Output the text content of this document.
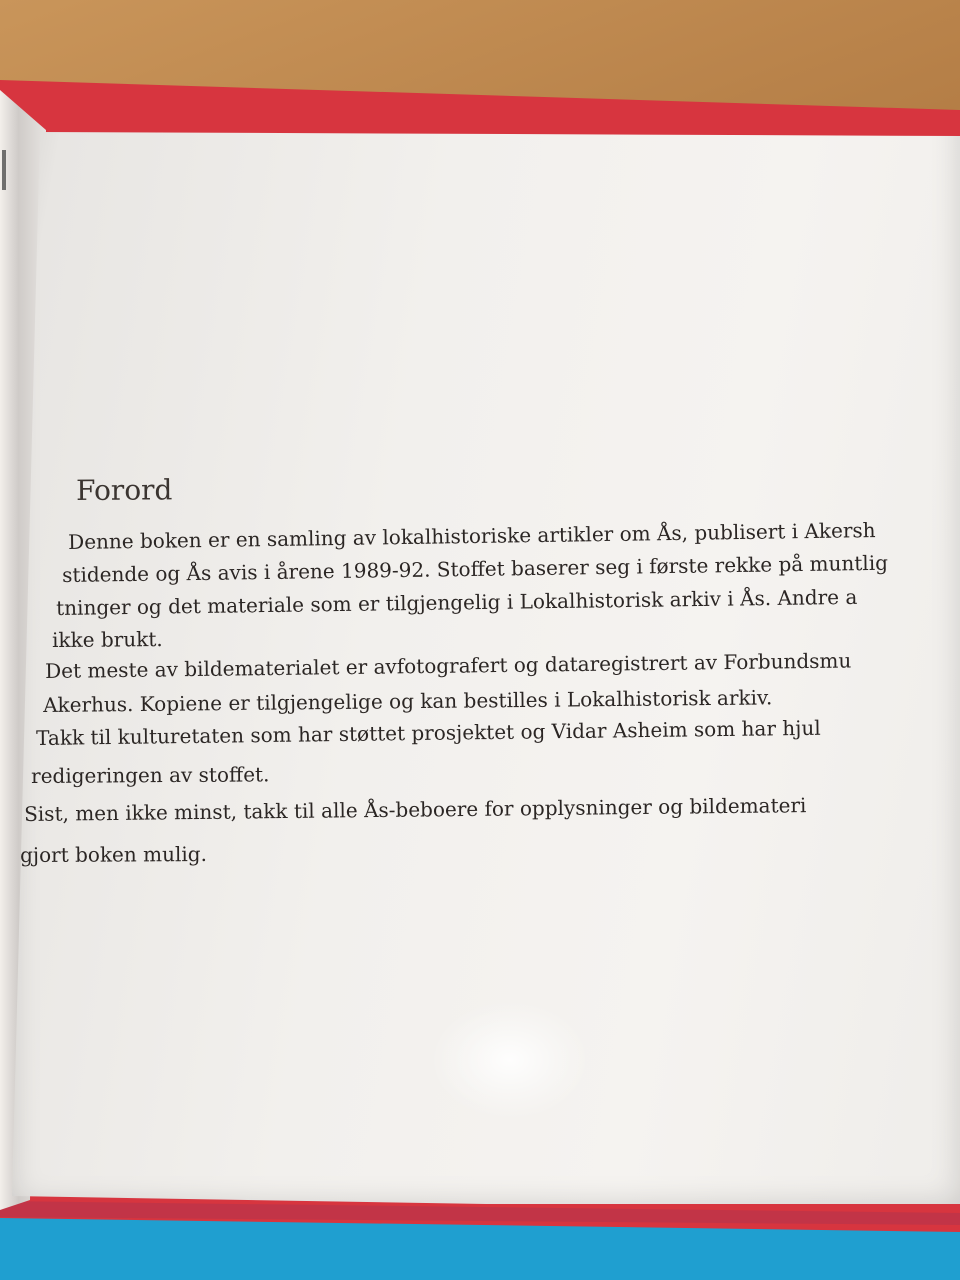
Forord
Denne boken er en samling av lokalhistoriske artikler om Ås, publisert i Akersh
stidende og Ås avis i årene 1989-92. Stoffet baserer seg i første rekke på muntlig
tninger og det materiale som er tilgjengelig i Lokalhistorisk arkiv i Ås. Andre a
ikke brukt.
Det meste av bildematerialet er avfotografert og dataregistrert av Forbundsmu
Akerhus. Kopiene er tilgjengelige og kan bestilles i Lokalhistorisk arkiv.
Takk til kulturetaten som har støttet prosjektet og Vidar Asheim som har hjul
redigeringen av stoffet.
Sist, men ikke minst, takk til alle Ås-beboere for opplysninger og bildemateri
gjort boken mulig.
